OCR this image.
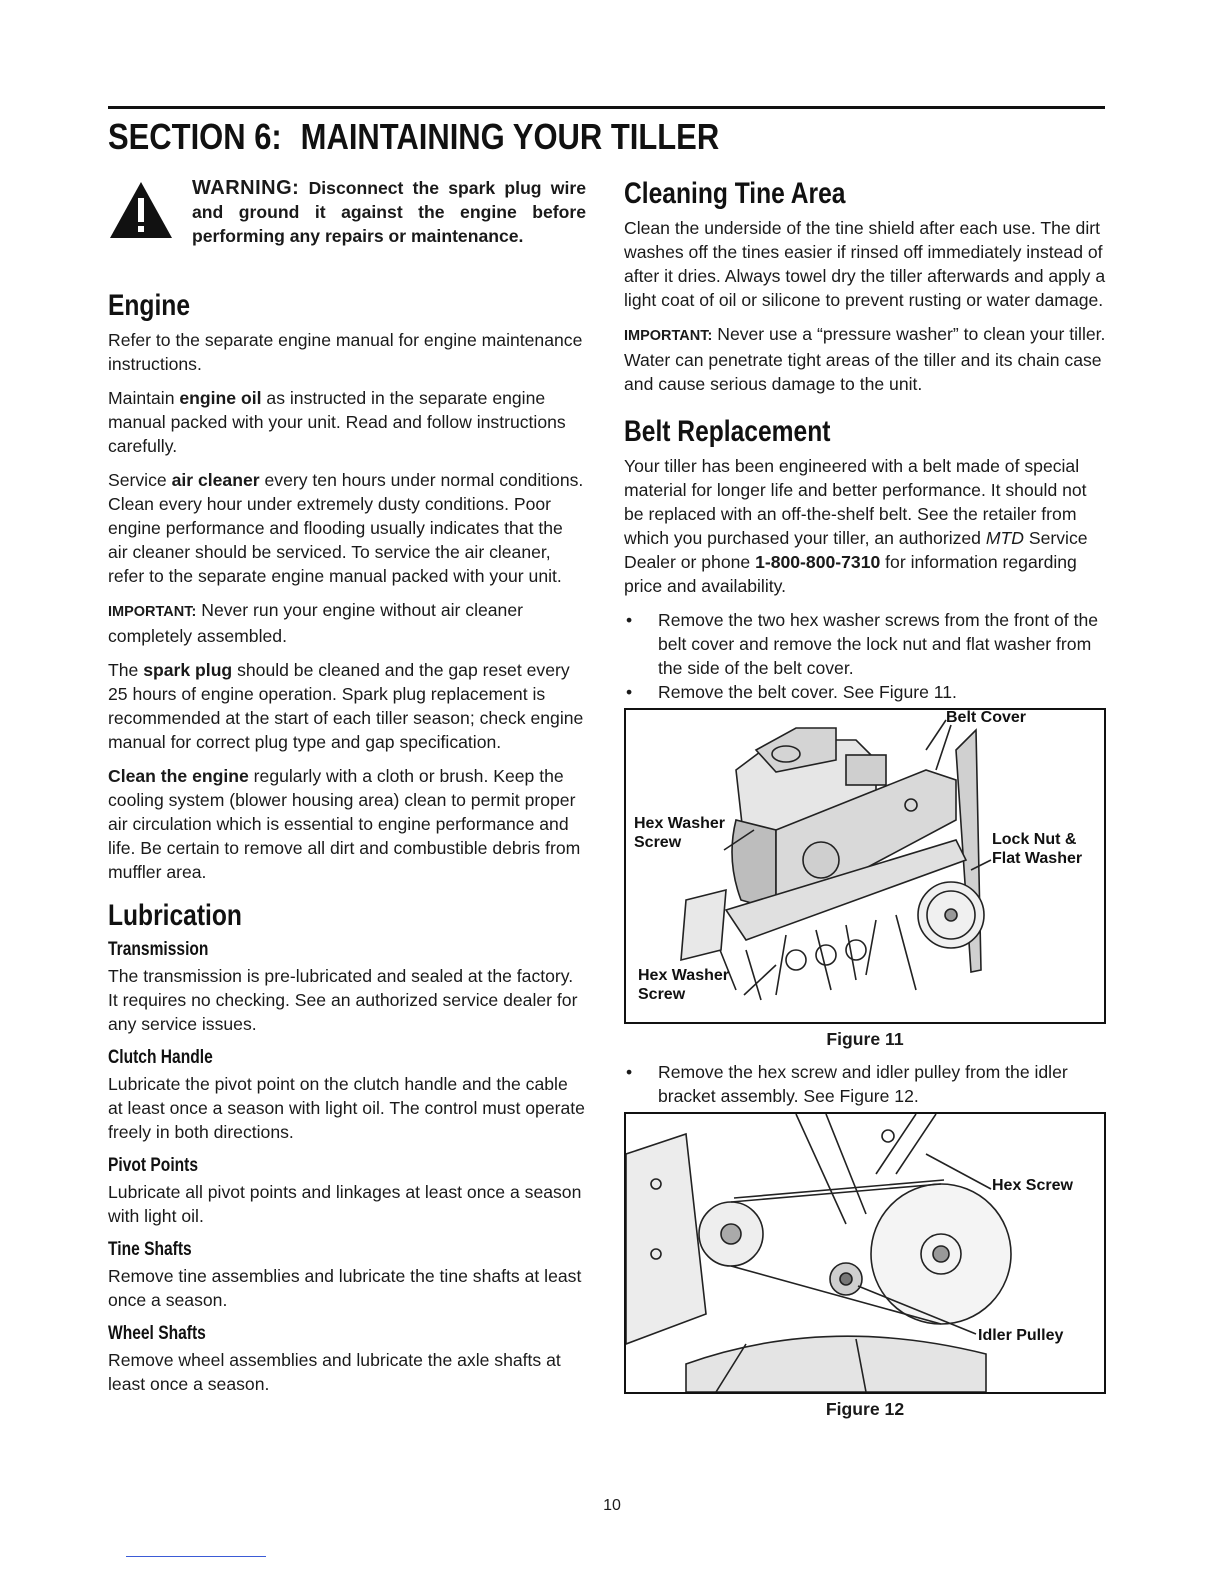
SECTION 6: MAINTAINING YOUR TILLER
WARNING: Disconnect the spark plug wire and ground it against the engine before performing any repairs or maintenance.
Engine

Refer to the separate engine manual for engine maintenance instructions.

Maintain engine oil as instructed in the separate engine manual packed with your unit. Read and follow instructions carefully.

Service air cleaner every ten hours under normal conditions. Clean every hour under extremely dusty conditions. Poor engine performance and flooding usually indicates that the air cleaner should be serviced. To service the air cleaner, refer to the separate engine manual packed with your unit.

IMPORTANT: Never run your engine without air cleaner completely assembled.

The spark plug should be cleaned and the gap reset every 25 hours of engine operation. Spark plug replacement is recommended at the start of each tiller season; check engine manual for correct plug type and gap specification.

Clean the engine regularly with a cloth or brush. Keep the cooling system (blower housing area) clean to permit proper air circulation which is essential to engine performance and life. Be certain to remove all dirt and combustible debris from muffler area.

Lubrication
Transmission

The transmission is pre-lubricated and sealed at the factory. It requires no checking. See an authorized service dealer for any service issues.

Clutch Handle

Lubricate the pivot point on the clutch handle and the cable at least once a season with light oil. The control must operate freely in both directions.

Pivot Points

Lubricate all pivot points and linkages at least once a season with light oil.

Tine Shafts

Remove tine assemblies and lubricate the tine shafts at least once a season.

Wheel Shafts

Remove wheel assemblies and lubricate the axle shafts at least once a season.

Cleaning Tine Area

Clean the underside of the tine shield after each use. The dirt washes off the tines easier if rinsed off immediately instead of after it dries. Always towel dry the tiller afterwards and apply a light coat of oil or silicone to prevent rusting or water damage.

IMPORTANT: Never use a “pressure washer” to clean your tiller. Water can penetrate tight areas of the tiller and its chain case and cause serious damage to the unit.

Belt Replacement

Your tiller has been engineered with a belt made of special material for longer life and better performance. It should not be replaced with an off-the-shelf belt. See the retailer from which you purchased your tiller, an authorized MTD Service Dealer or phone 1-800-800-7310 for information regarding price and availability.

• Remove the two hex washer screws from the front of the belt cover and remove the lock nut and flat washer from the side of the belt cover.
• Remove the belt cover. See Figure 11.
Belt Cover
Hex Washer
Screw	Lock Nut &
Flat Washer
Hex Washer
Screw
Figure 11
• Remove the hex screw and idler pulley from the idler bracket assembly. See Figure 12.
Hex Screw
Idler Pulley
Figure 12
10
